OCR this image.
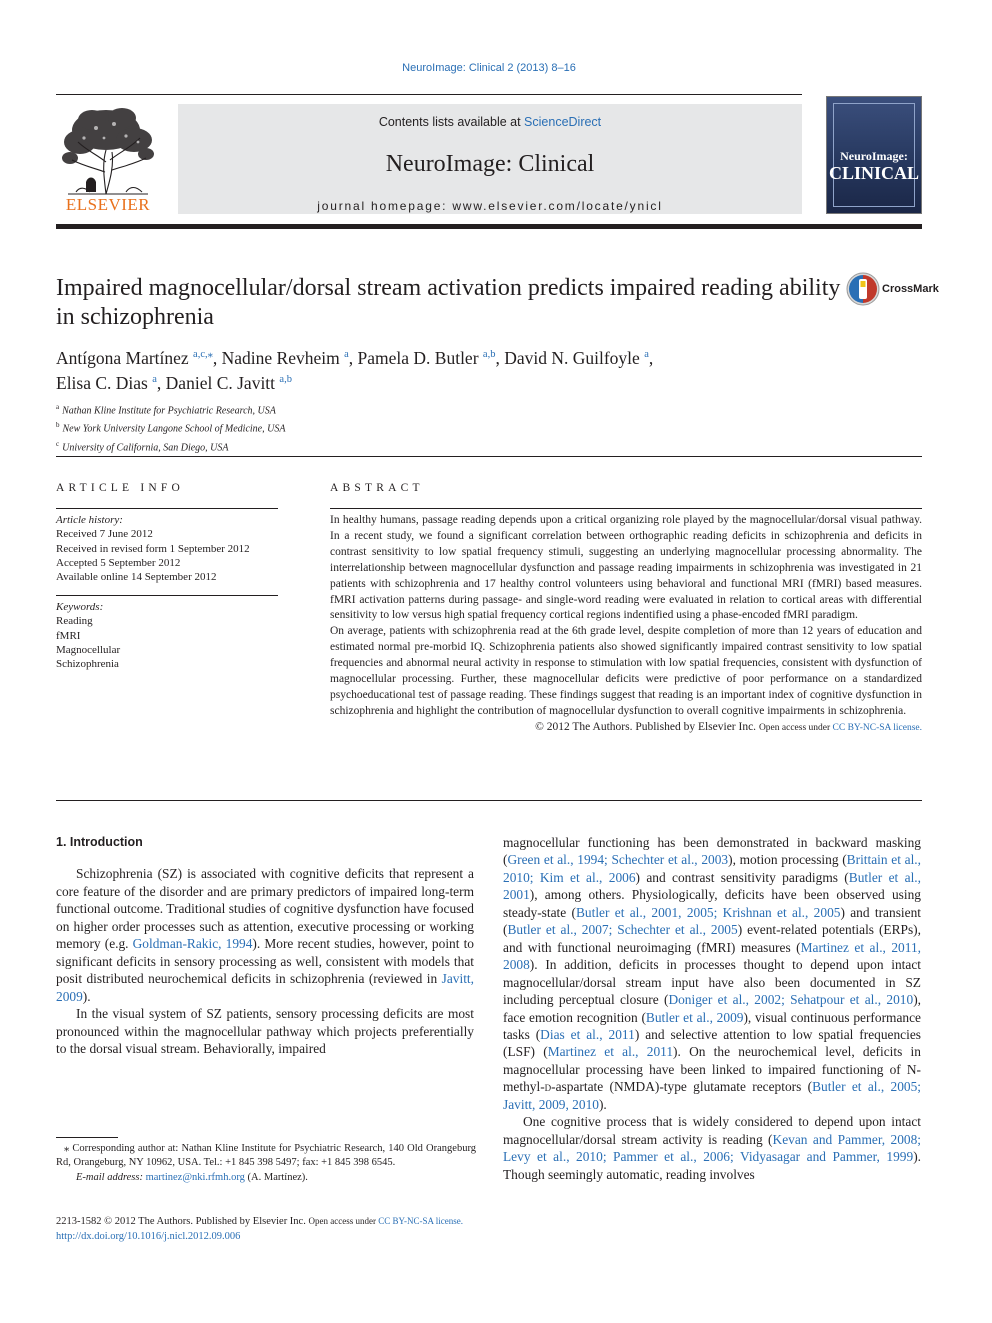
NeuroImage: Clinical 2 (2013) 8–16
ELSEVIER
Contents lists available at ScienceDirect
NeuroImage: Clinical
journal homepage: www.elsevier.com/locate/ynicl
NeuroImage:
CLINICAL
Impaired magnocellular/dorsal stream activation predicts impaired reading ability in schizophrenia
CrossMark
Antígona Martínez $^{a,c,⁎}$, Nadine Revheim $^a$, Pamela D. Butler $^{a,b}$, David N. Guilfoyle $^a$,
Elisa C. Dias $^a$, Daniel C. Javitt $^{a,b}$
$^a$ Nathan Kline Institute for Psychiatric Research, USA
$^b$ New York University Langone School of Medicine, USA
$^c$ University of California, San Diego, USA
ARTICLE INFO
Article history:
Received 7 June 2012
Received in revised form 1 September 2012
Accepted 5 September 2012
Available online 14 September 2012
Keywords:
Reading
fMRI
Magnocellular
Schizophrenia
ABSTRACT

In healthy humans, passage reading depends upon a critical organizing role played by the magnocellular/dorsal visual pathway. In a recent study, we found a significant correlation between orthographic reading deficits in schizophrenia and deficits in contrast sensitivity to low spatial frequency stimuli, suggesting an underlying magnocellular processing abnormality. The interrelationship between magnocellular dysfunction and passage reading impairments in schizophrenia was investigated in 21 patients with schizophrenia and 17 healthy control volunteers using behavioral and functional MRI (fMRI) based measures. fMRI activation patterns during passage- and single-word reading were evaluated in relation to cortical areas with differential sensitivity to low versus high spatial frequency cortical regions indentified using a phase-encoded fMRI paradigm.

On average, patients with schizophrenia read at the 6th grade level, despite completion of more than 12 years of education and estimated normal pre-morbid IQ. Schizophrenia patients also showed significantly impaired contrast sensitivity to low spatial frequencies and abnormal neural activity in response to stimulation with low spatial frequencies, consistent with dysfunction of magnocellular processing. Further, these magnocellular deficits were predictive of poor performance on a standardized psychoeducational test of passage reading. These findings suggest that reading is an important index of cognitive dysfunction in schizophrenia and highlight the contribution of magnocellular dysfunction to overall cognitive impairments in schizophrenia.

© 2012 The Authors. Published by Elsevier Inc. Open access under CC BY-NC-SA license.
1. Introduction

Schizophrenia (SZ) is associated with cognitive deficits that represent a core feature of the disorder and are primary predictors of impaired long-term functional outcome. Traditional studies of cognitive dysfunction have focused on higher order processes such as attention, executive processing or working memory (e.g. Goldman-Rakic, 1994). More recent studies, however, point to significant deficits in sensory processing as well, consistent with models that posit distributed neurochemical deficits in schizophrenia (reviewed in Javitt, 2009).

In the visual system of SZ patients, sensory processing deficits are most pronounced within the magnocellular pathway which projects preferentially to the dorsal visual stream. Behaviorally, impaired

magnocellular functioning has been demonstrated in backward masking (Green et al., 1994; Schechter et al., 2003), motion processing (Brittain et al., 2010; Kim et al., 2006) and contrast sensitivity paradigms (Butler et al., 2001), among others. Physiologically, deficits have been observed using steady-state (Butler et al., 2001, 2005; Krishnan et al., 2005) and transient (Butler et al., 2007; Schechter et al., 2005) event-related potentials (ERPs), and with functional neuroimaging (fMRI) measures (Martinez et al., 2011, 2008). In addition, deficits in processes thought to depend upon intact magnocellular/dorsal stream input have also been documented in SZ including perceptual closure (Doniger et al., 2002; Sehatpour et al., 2010), face emotion recognition (Butler et al., 2009), visual continuous performance tasks (Dias et al., 2011) and selective attention to low spatial frequencies (LSF) (Martinez et al., 2011). On the neurochemical level, deficits in magnocellular processing have been linked to impaired functioning of N-methyl-d-aspartate (NMDA)-type glutamate receptors (Butler et al., 2005; Javitt, 2009, 2010).

One cognitive process that is widely considered to depend upon intact magnocellular/dorsal stream activity is reading (Kevan and Pammer, 2008; Levy et al., 2010; Pammer et al., 2006; Vidyasagar and Pammer, 1999). Though seemingly automatic, reading involves

⁎ Corresponding author at: Nathan Kline Institute for Psychiatric Research, 140 Old Orangeburg Rd, Orangeburg, NY 10962, USA. Tel.: +1 845 398 5497; fax: +1 845 398 6545.
E-mail address: martinez@nki.rfmh.org (A. Martínez).
2213-1582 © 2012 The Authors. Published by Elsevier Inc. Open access under CC BY-NC-SA license.
http://dx.doi.org/10.1016/j.nicl.2012.09.006
